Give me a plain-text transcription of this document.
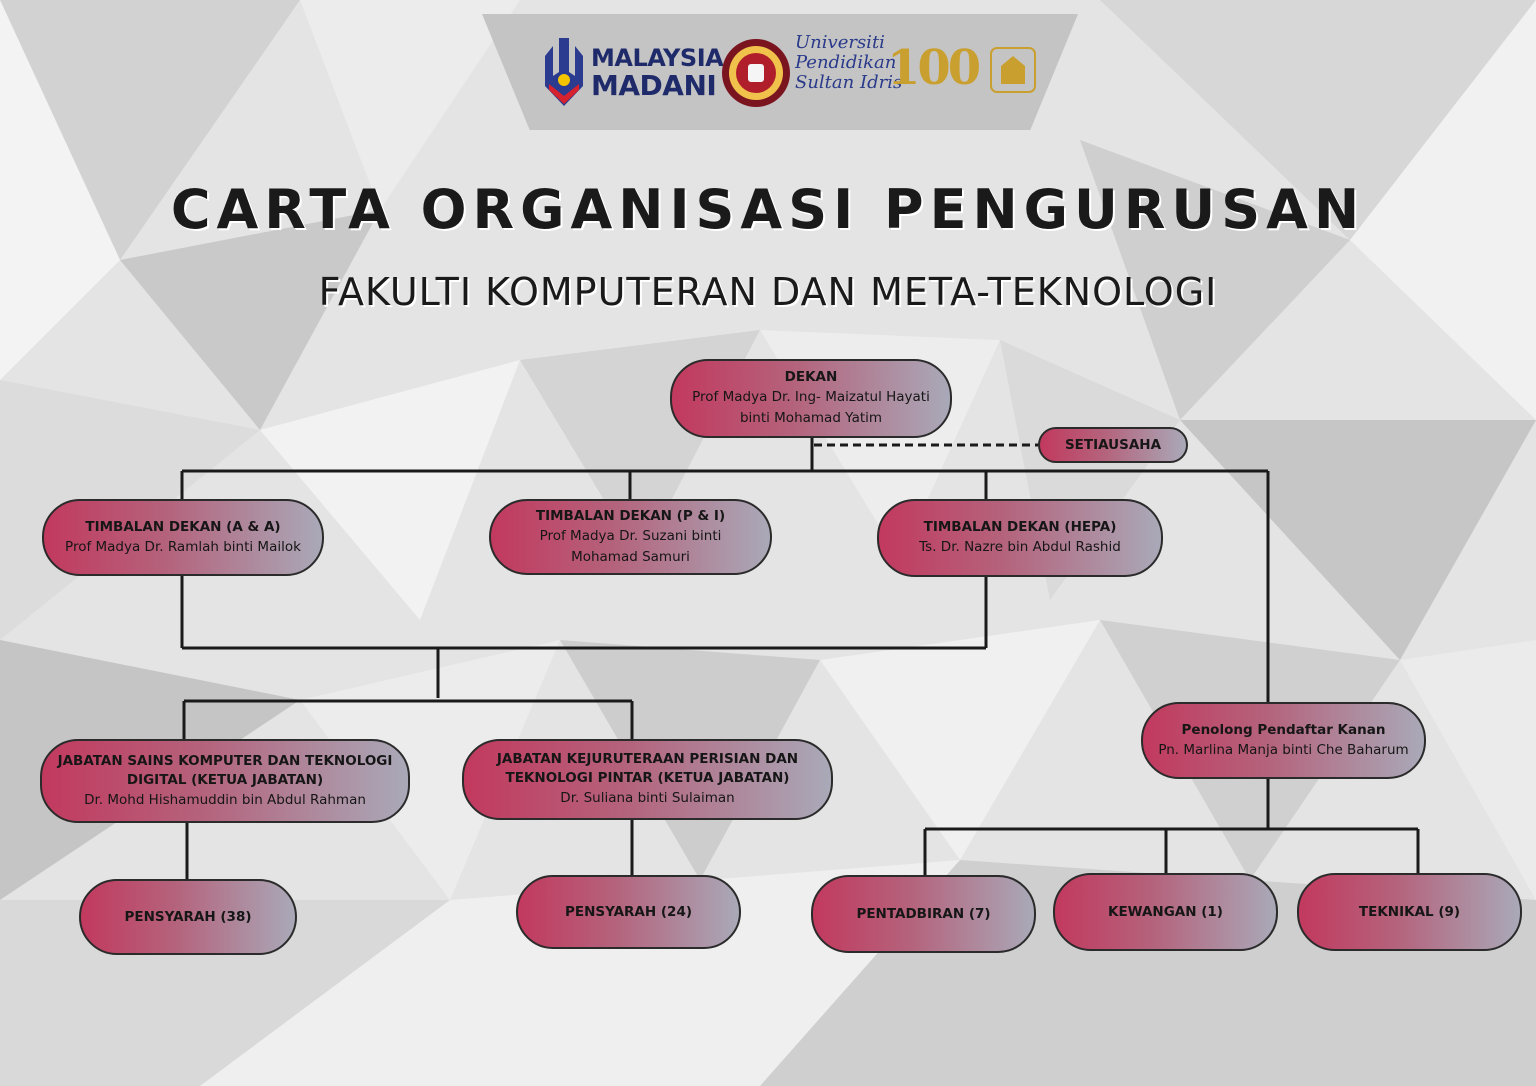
MALAYSIA
MADANI
Universiti
Pendidikan
Sultan Idris
100
CARTA ORGANISASI PENGURUSAN
FAKULTI KOMPUTERAN DAN META-TEKNOLOGI
DEKAN
Prof Madya Dr. Ing- Maizatul Hayati binti Mohamad Yatim
SETIAUSAHA
TIMBALAN DEKAN (A & A)
Prof Madya Dr. Ramlah binti Mailok
TIMBALAN DEKAN (P & I)
Prof Madya Dr. Suzani binti Mohamad Samuri
TIMBALAN DEKAN (HEPA)
Ts. Dr. Nazre bin Abdul Rashid
JABATAN SAINS KOMPUTER DAN TEKNOLOGI DIGITAL (KETUA JABATAN)
Dr. Mohd Hishamuddin bin Abdul Rahman
JABATAN KEJURUTERAAN PERISIAN DAN TEKNOLOGI PINTAR (KETUA JABATAN)
Dr. Suliana binti Sulaiman
Penolong Pendaftar Kanan
Pn. Marlina Manja binti Che Baharum
PENSYARAH (38)	PENSYARAH (24)	PENTADBIRAN (7)	KEWANGAN (1)	TEKNIKAL (9)
